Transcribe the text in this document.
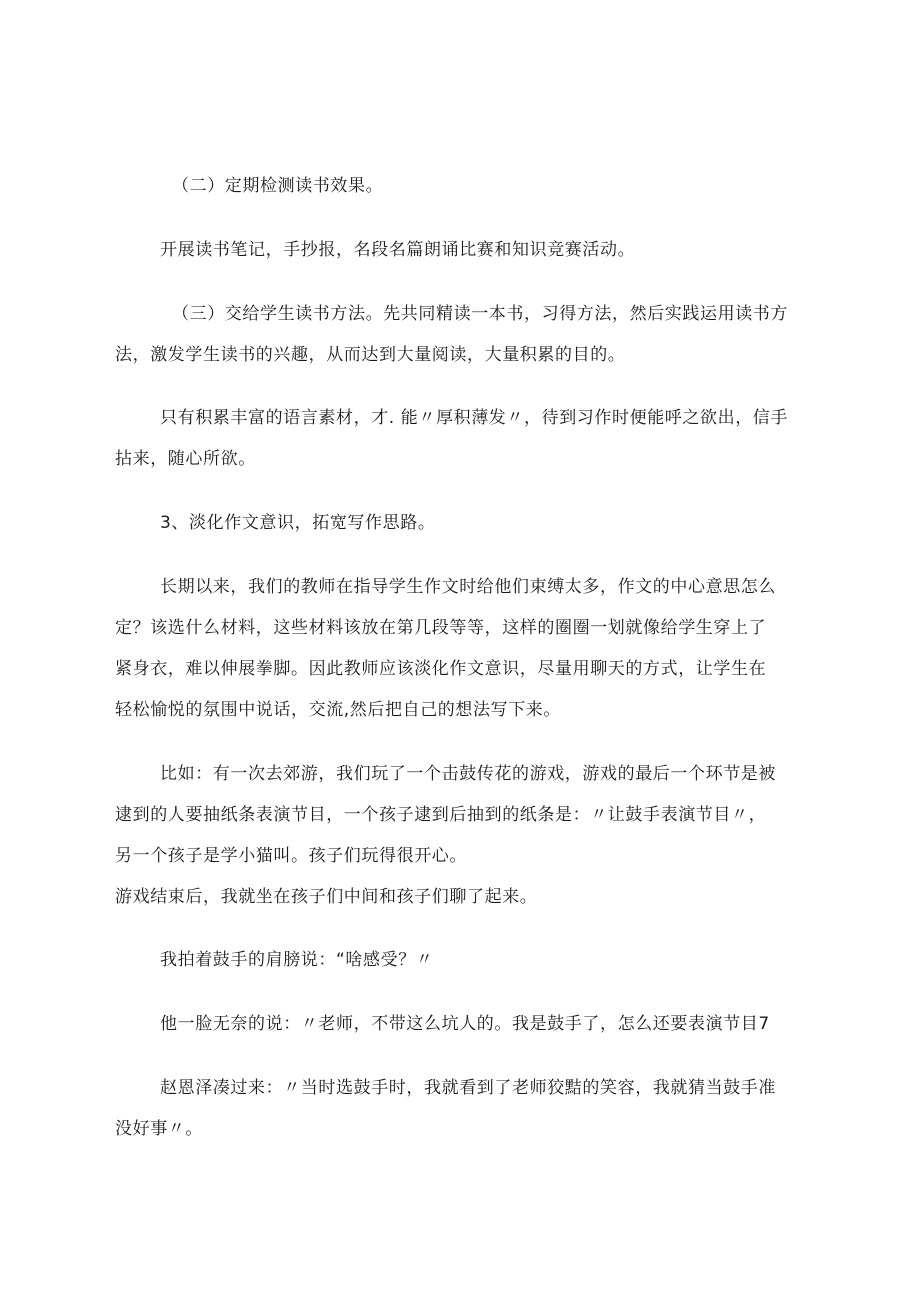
（二）定期检测读书效果。
开展读书笔记，手抄报，名段名篇朗诵比赛和知识竞赛活动。
（三）交给学生读书方法。先共同精读一本书，习得方法，然后实践运用读书方
法，激发学生读书的兴趣，从而达到大量阅读，大量积累的目的。
只有积累丰富的语言素材，才. 能〃厚积薄发〃，待到习作时便能呼之欲出，信手
拈来，随心所欲。
3、淡化作文意识，拓宽写作思路。
长期以来，我们的教师在指导学生作文时给他们束缚太多，作文的中心意思怎么
定？该选什么材料，这些材料该放在第几段等等，这样的圈圈一划就像给学生穿上了
紧身衣，难以伸展拳脚。因此教师应该淡化作文意识，尽量用聊天的方式，让学生在
轻松愉悦的氛围中说话，交流,然后把自己的想法写下来。
比如：有一次去郊游，我们玩了一个击鼓传花的游戏，游戏的最后一个环节是被
逮到的人要抽纸条表演节目，一个孩子逮到后抽到的纸条是：〃让鼓手表演节目〃，
另一个孩子是学小猫叫。孩子们玩得很开心。
游戏结束后，我就坐在孩子们中间和孩子们聊了起来。
我拍着鼓手的肩膀说：“啥感受？〃
他一脸无奈的说：〃老师，不带这么坑人的。我是鼓手了，怎么还要表演节目7
赵恩泽凑过来：〃当时选鼓手时，我就看到了老师狡黠的笑容，我就猜当鼓手准
没好事〃。
